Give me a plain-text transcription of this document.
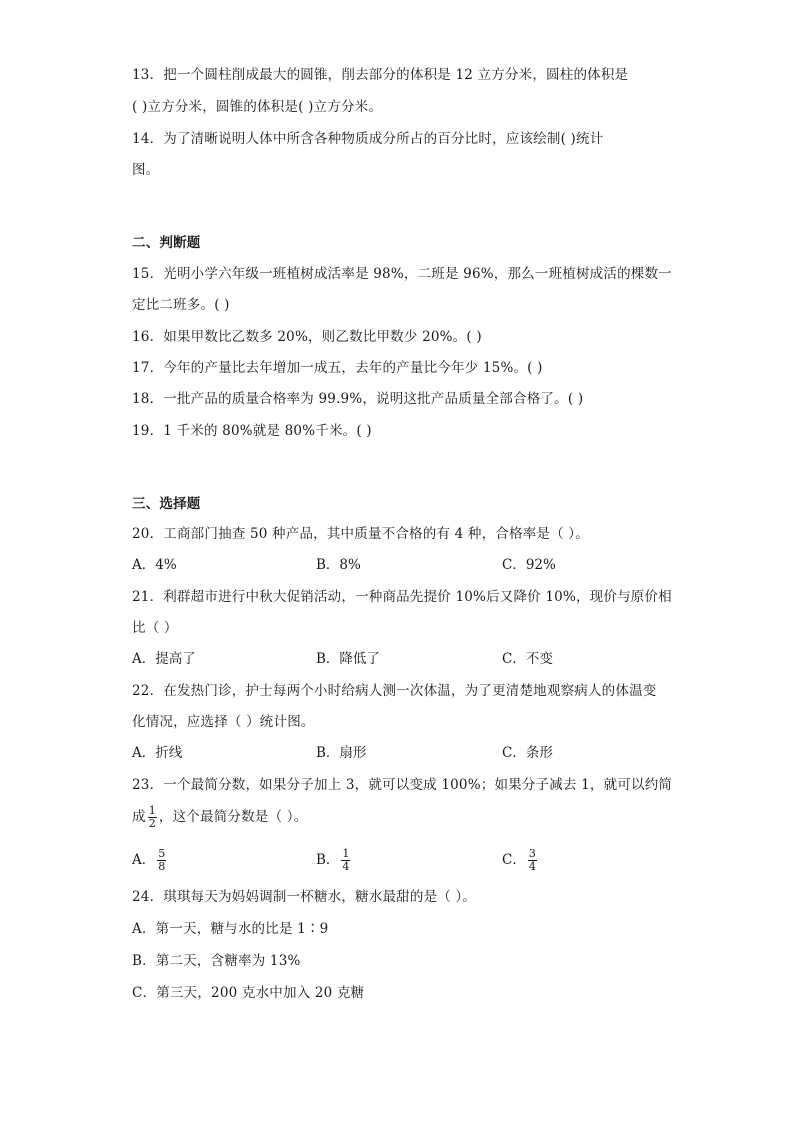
13．把一个圆柱削成最大的圆锥，削去部分的体积是 12 立方分米，圆柱的体积是
( )立方分米，圆锥的体积是( )立方分米。
14．为了清晰说明人体中所含各种物质成分所占的百分比时，应该绘制( )统计
图。
二、判断题
15．光明小学六年级一班植树成活率是 98%，二班是 96%，那么一班植树成活的棵数一
定比二班多。( )
16．如果甲数比乙数多 20%，则乙数比甲数少 20%。( )
17．今年的产量比去年增加一成五，去年的产量比今年少 15%。( )
18．一批产品的质量合格率为 99.9%，说明这批产品质量全部合格了。( )
19．1 千米的 80%就是 80%千米。( )
三、选择题
20．工商部门抽查 50 种产品，其中质量不合格的有 4 种，合格率是（ ）。
A．4%	B．8%	C．92%
21．利群超市进行中秋大促销活动，一种商品先提价 10%后又降价 10%，现价与原价相
比（ ）
A．提高了	B．降低了	C．不变
22．在发热门诊，护士每两个小时给病人测一次体温，为了更清楚地观察病人的体温变
化情况，应选择（ ）统计图。
A．折线	B．扇形	C．条形
23．一个最简分数，如果分子加上 3，就可以变成 100%；如果分子减去 1，就可以约简
成 $\frac{1}{2}$ ，这个最简分数是（ ）。
A． $\frac{5}{8}$	B． $\frac{1}{4}$	C． $\frac{3}{4}$
24．琪琪每天为妈妈调制一杯糖水，糖水最甜的是（ ）。
A．第一天，糖与水的比是 1∶9
B．第二天，含糖率为 13%
C．第三天，200 克水中加入 20 克糖
